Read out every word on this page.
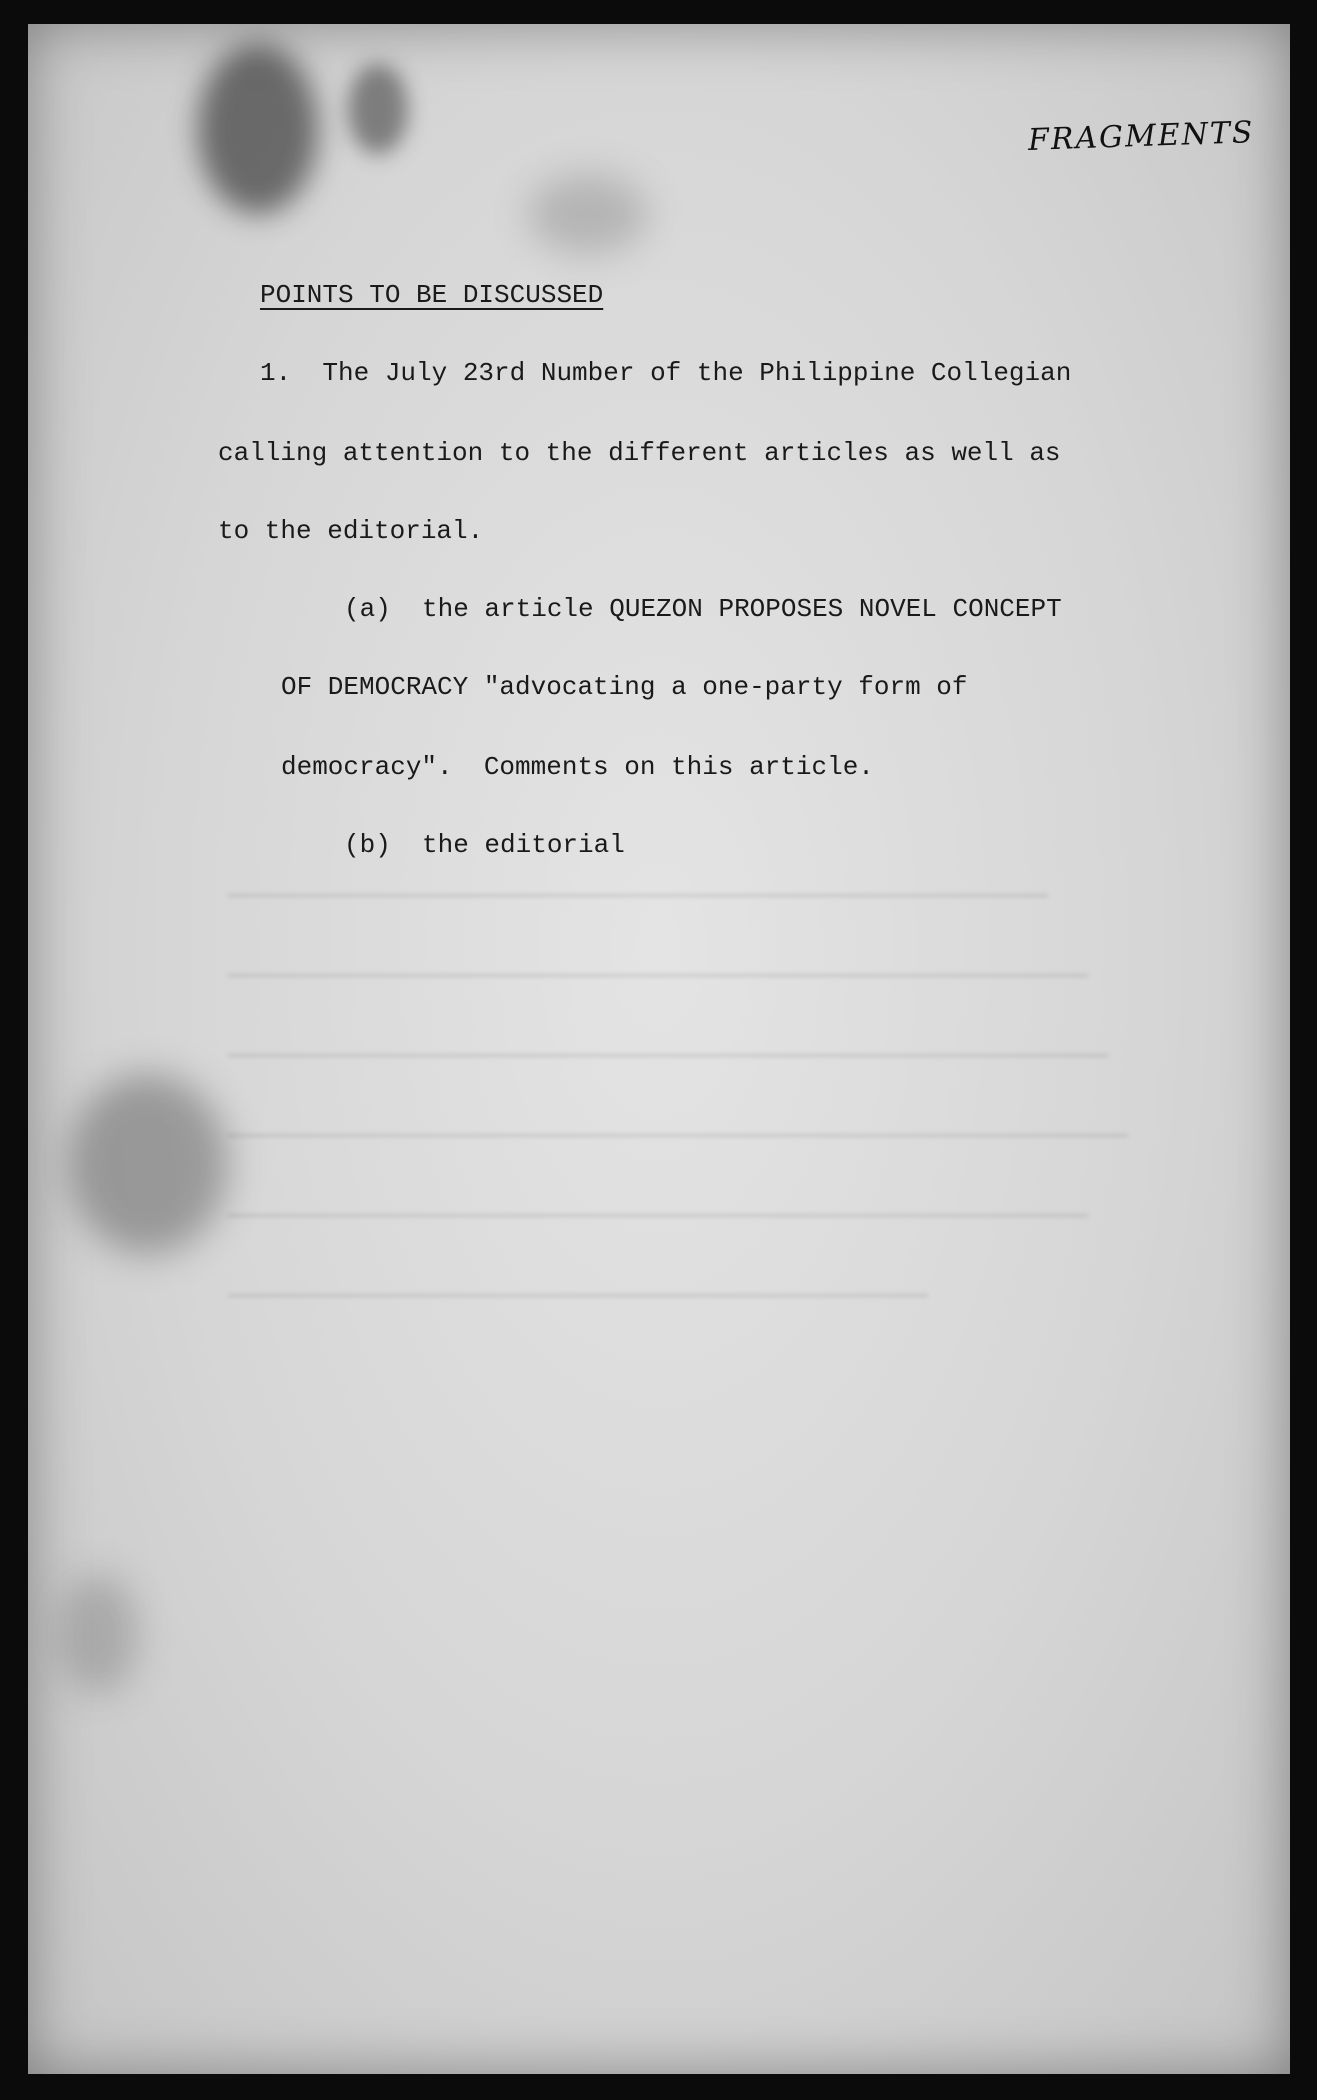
FRAGMENTS
POINTS TO BE DISCUSSED
1.  The July 23rd Number of the Philippine Collegian
calling attention to the different articles as well as
to the editorial.
(a)  the article QUEZON PROPOSES NOVEL CONCEPT
OF DEMOCRACY "advocating a one-party form of
democracy".  Comments on this article.
(b)  the editorial
